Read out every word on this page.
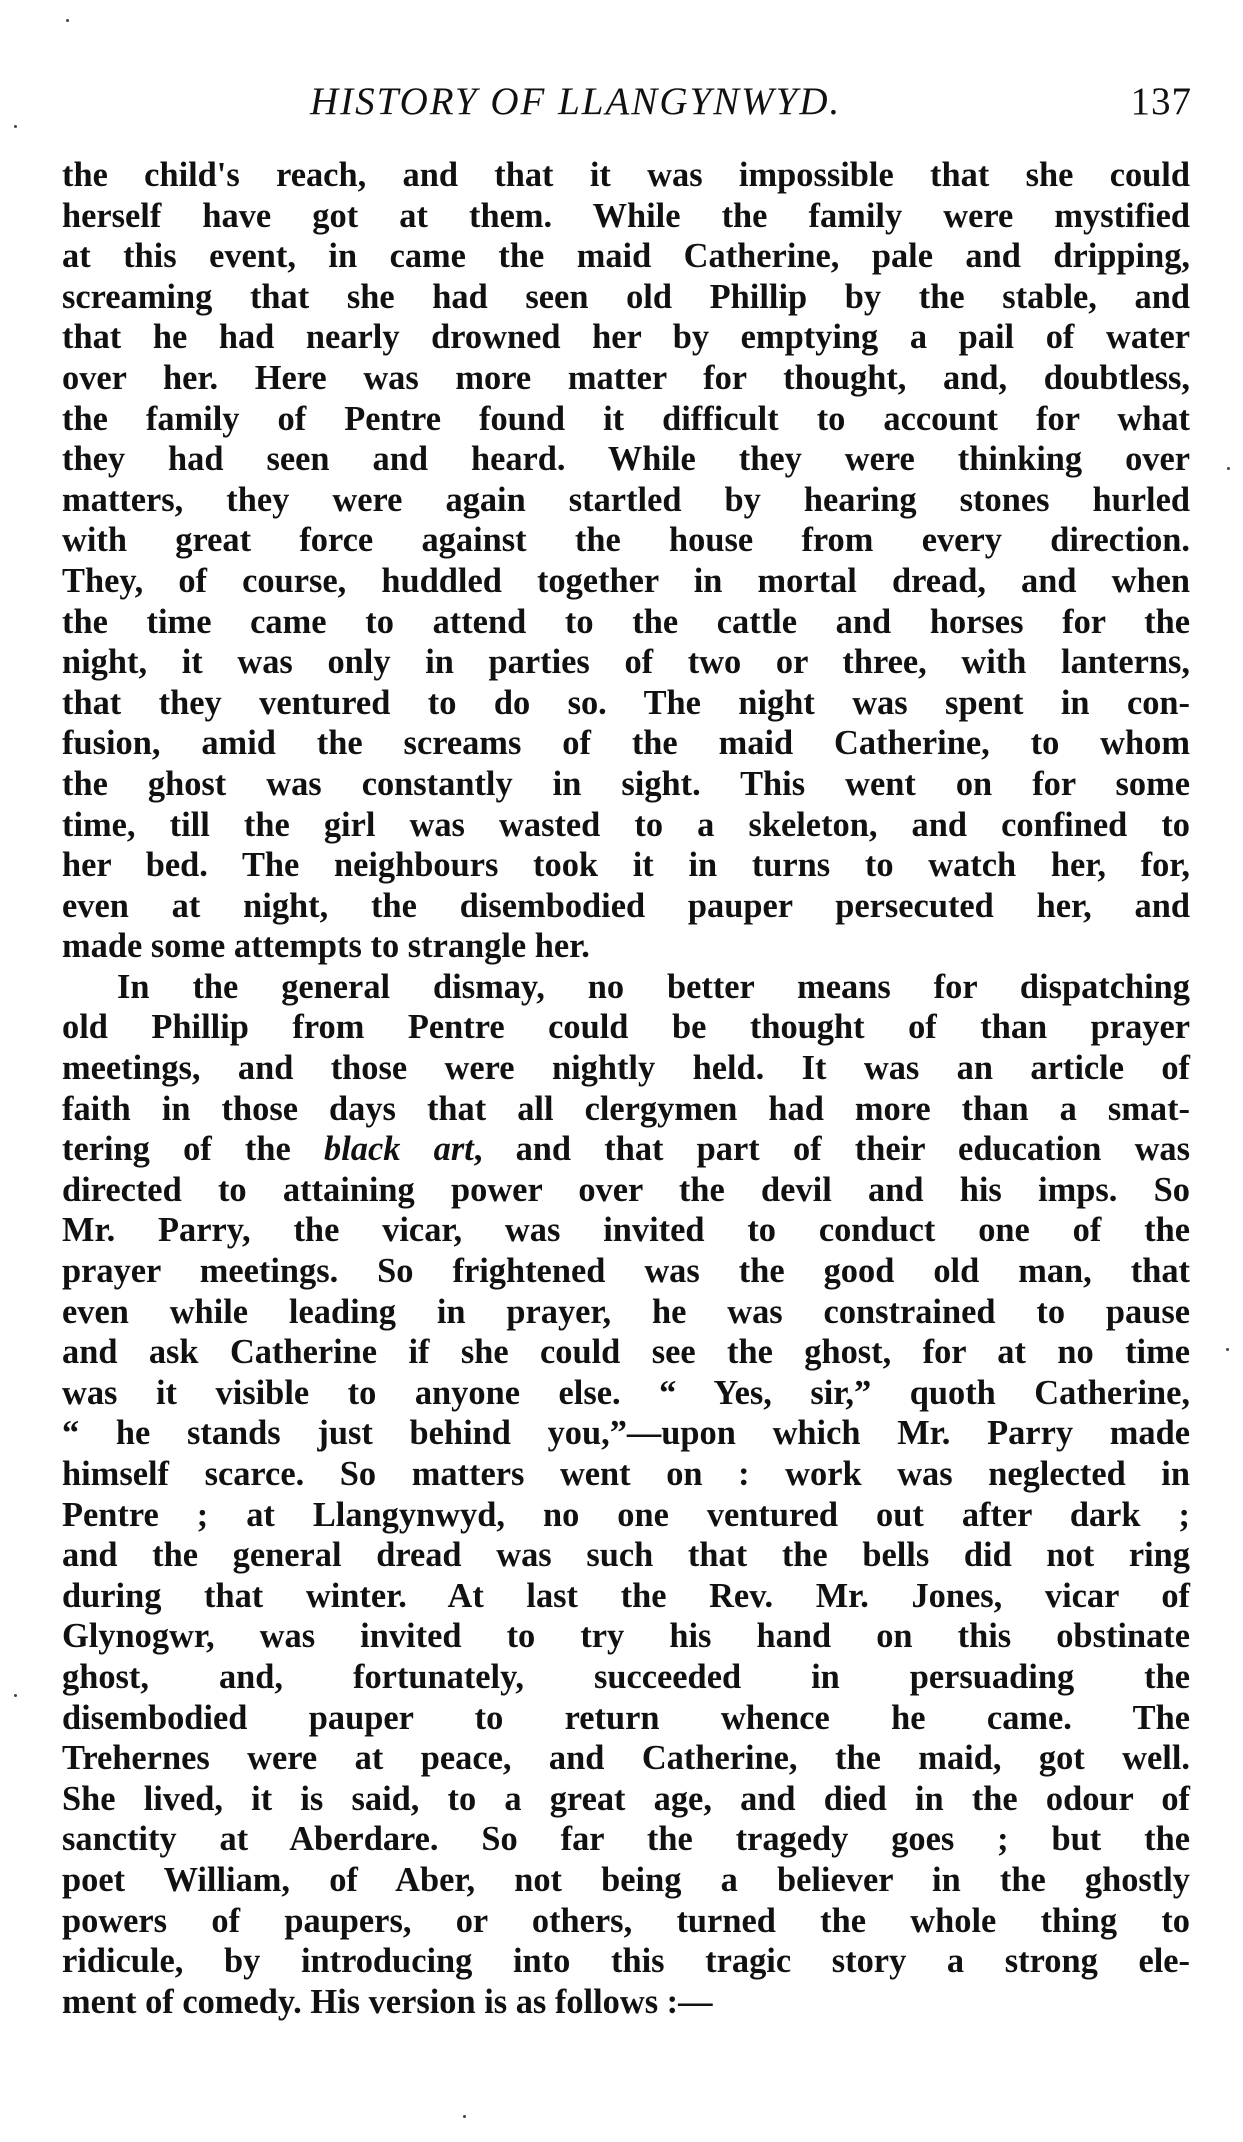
HISTORY OF LLANGYNWYD.	137
the child's reach, and that it was impossible that she could
herself have got at them. While the family were mystified
at this event, in came the maid Catherine, pale and dripping,
screaming that she had seen old Phillip by the stable, and
that he had nearly drowned her by emptying a pail of water
over her. Here was more matter for thought, and, doubtless,
the family of Pentre found it difficult to account for what
they had seen and heard. While they were thinking over
matters, they were again startled by hearing stones hurled
with great force against the house from every direction.
They, of course, huddled together in mortal dread, and when
the time came to attend to the cattle and horses for the
night, it was only in parties of two or three, with lanterns,
that they ventured to do so. The night was spent in con-
fusion, amid the screams of the maid Catherine, to whom
the ghost was constantly in sight. This went on for some
time, till the girl was wasted to a skeleton, and confined to
her bed. The neighbours took it in turns to watch her, for,
even at night, the disembodied pauper persecuted her, and
made some attempts to strangle her.
In the general dismay, no better means for dispatching
old Phillip from Pentre could be thought of than prayer
meetings, and those were nightly held. It was an article of
faith in those days that all clergymen had more than a smat-
tering of the black art, and that part of their education was
directed to attaining power over the devil and his imps. So
Mr. Parry, the vicar, was invited to conduct one of the
prayer meetings. So frightened was the good old man, that
even while leading in prayer, he was constrained to pause
and ask Catherine if she could see the ghost, for at no time
was it visible to anyone else. “ Yes, sir,” quoth Catherine,
“ he stands just behind you,”—upon which Mr. Parry made
himself scarce. So matters went on : work was neglected in
Pentre ; at Llangynwyd, no one ventured out after dark ;
and the general dread was such that the bells did not ring
during that winter. At last the Rev. Mr. Jones, vicar of
Glynogwr, was invited to try his hand on this obstinate
ghost, and, fortunately, succeeded in persuading the
disembodied pauper to return whence he came. The
Trehernes were at peace, and Catherine, the maid, got well.
She lived, it is said, to a great age, and died in the odour of
sanctity at Aberdare. So far the tragedy goes ; but the
poet William, of Aber, not being a believer in the ghostly
powers of paupers, or others, turned the whole thing to
ridicule, by introducing into this tragic story a strong ele-
ment of comedy. His version is as follows :—
